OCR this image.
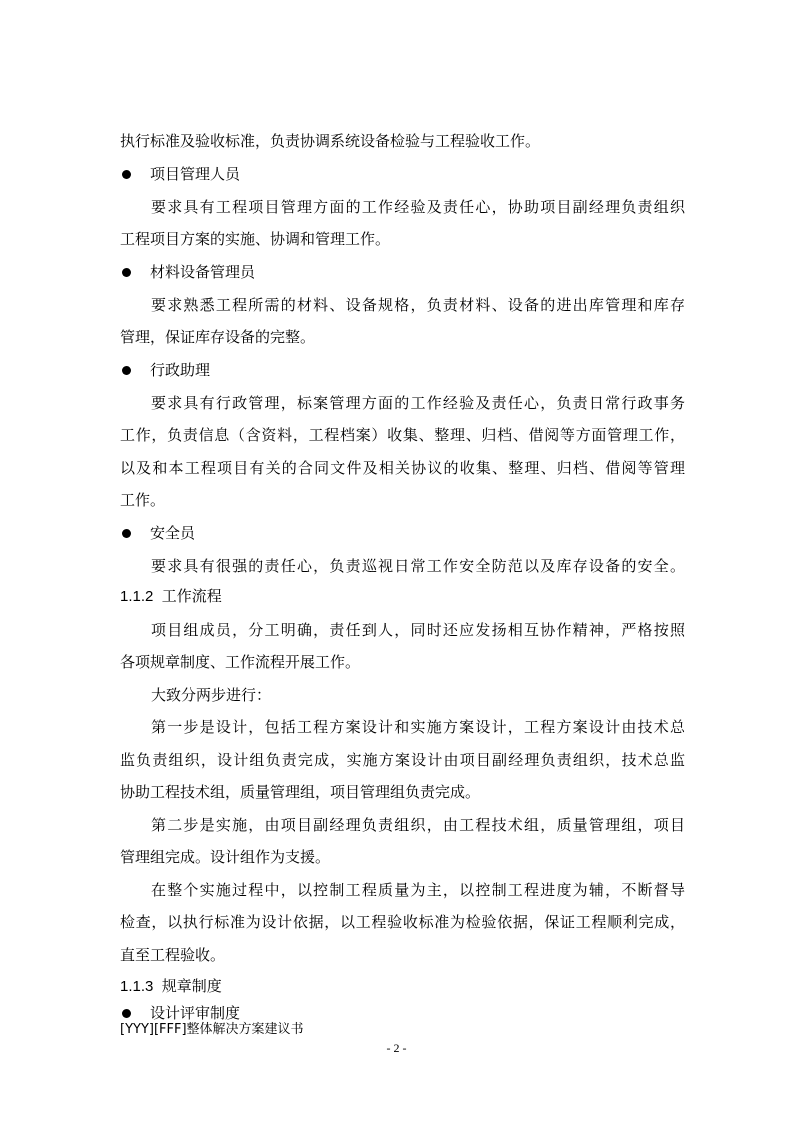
执行标准及验收标准，负责协调系统设备检验与工程验收工作。
项目管理人员
要求具有工程项目管理方面的工作经验及责任心，协助项目副经理负责组织
工程项目方案的实施、协调和管理工作。
材料设备管理员
要求熟悉工程所需的材料、设备规格，负责材料、设备的进出库管理和库存
管理，保证库存设备的完整。
行政助理
要求具有行政管理，标案管理方面的工作经验及责任心，负责日常行政事务
工作，负责信息（含资料，工程档案）收集、整理、归档、借阅等方面管理工作，
以及和本工程项目有关的合同文件及相关协议的收集、整理、归档、借阅等管理
工作。
安全员
要求具有很强的责任心，负责巡视日常工作安全防范以及库存设备的安全。
1.1.2  工作流程
项目组成员，分工明确，责任到人，同时还应发扬相互协作精神，严格按照
各项规章制度、工作流程开展工作。
大致分两步进行：
第一步是设计，包括工程方案设计和实施方案设计，工程方案设计由技术总
监负责组织，设计组负责完成，实施方案设计由项目副经理负责组织，技术总监
协助工程技术组，质量管理组，项目管理组负责完成。
第二步是实施，由项目副经理负责组织，由工程技术组，质量管理组，项目
管理组完成。设计组作为支援。
在整个实施过程中，以控制工程质量为主，以控制工程进度为辅，不断督导
检查，以执行标准为设计依据，以工程验收标准为检验依据，保证工程顺利完成，
直至工程验收。
1.1.3  规章制度
设计评审制度
[YYY][FFF]整体解决方案建议书
- 2 -
